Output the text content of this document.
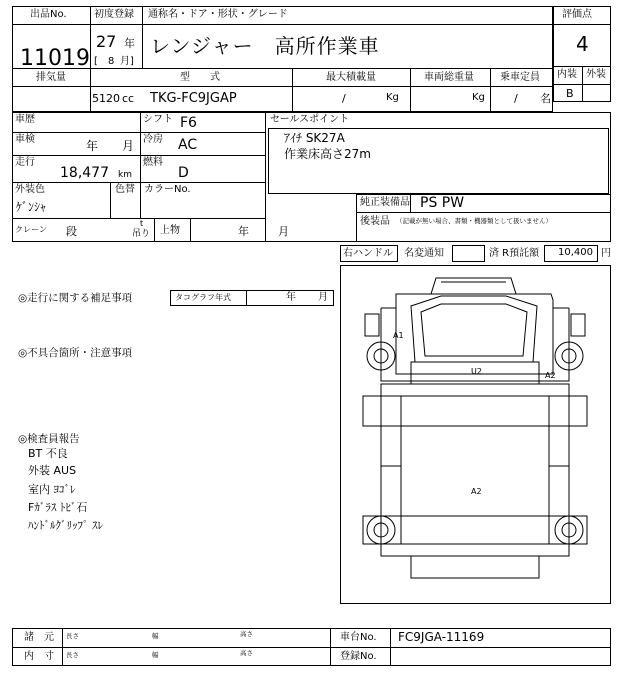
出品No.
11019
初度登録 通称名・ドア・形状・グレード
27 年
[ 8 月]
レンジャー　高所作業車
排気量	型　　式	最大積載量	車両総重量	乗車定員
5120 cc TKG-FC9JGAP	/	Kg	Kg	/ 名
評価点
4
内装 外装
B
車歴	シフト F6
車検	年 月 冷房 AC
走行
18,477 km
燃料
D
外装色
ｹﾞﾝｼｬ
色替 カラーNo.
クレーン 段
t
吊り 上物	年	月
セールスポイント
ｱｲﾁ SK27A
作業床高さ27m
純正装備品 PS PW
後装品 （記載が無い場合、書類・機器類として扱いません）
右ハンドル 名変通知	済 R預託額 10,400 円
◎走行に関する補足事項	タコグラフ年式	年 月
◎不具合箇所・注意事項
◎検査員報告
BT 不良
外装 AUS
室内 ﾖｺﾞﾚ
Fｶﾞﾗｽ ﾄﾋﾞ石
ﾊﾝﾄﾞﾙｸﾞﾘｯﾌﾟ ｽﾚ
A1
U2	A2
A2
諸　元
内　寸
長さ	幅	高さ
長さ	幅	高さ
車台No. FC9JGA-11169
登録No.
